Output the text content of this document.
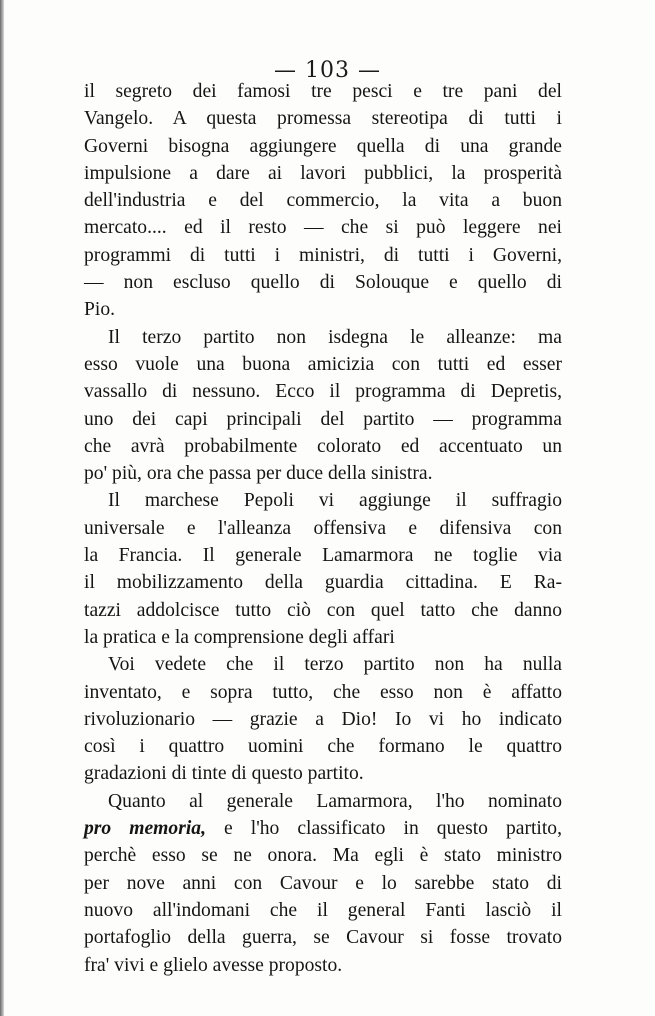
— 103 —
il segreto dei famosi tre pesci e tre pani del
Vangelo. A questa promessa stereotipa di tutti i
Governi bisogna aggiungere quella di una grande
impulsione a dare ai lavori pubblici, la prosperità
dell'industria e del commercio, la vita a buon
mercato.... ed il resto — che si può leggere nei
programmi di tutti i ministri, di tutti i Governi,
— non escluso quello di Solouque e quello di
Pio.
Il terzo partito non isdegna le alleanze: ma
esso vuole una buona amicizia con tutti ed esser
vassallo di nessuno. Ecco il programma di Depretis,
uno dei capi principali del partito — programma
che avrà probabilmente colorato ed accentuato un
po' più, ora che passa per duce della sinistra.
Il marchese Pepoli vi aggiunge il suffragio
universale e l'alleanza offensiva e difensiva con
la Francia. Il generale Lamarmora ne toglie via
il mobilizzamento della guardia cittadina. E Ra-
tazzi addolcisce tutto ciò con quel tatto che danno
la pratica e la comprensione degli affari
Voi vedete che il terzo partito non ha nulla
inventato, e sopra tutto, che esso non è affatto
rivoluzionario — grazie a Dio! Io vi ho indicato
così i quattro uomini che formano le quattro
gradazioni di tinte di questo partito.
Quanto al generale Lamarmora, l'ho nominato
pro memoria, e l'ho classificato in questo partito,
perchè esso se ne onora. Ma egli è stato ministro
per nove anni con Cavour e lo sarebbe stato di
nuovo all'indomani che il general Fanti lasciò il
portafoglio della guerra, se Cavour si fosse trovato
fra' vivi e glielo avesse proposto.
